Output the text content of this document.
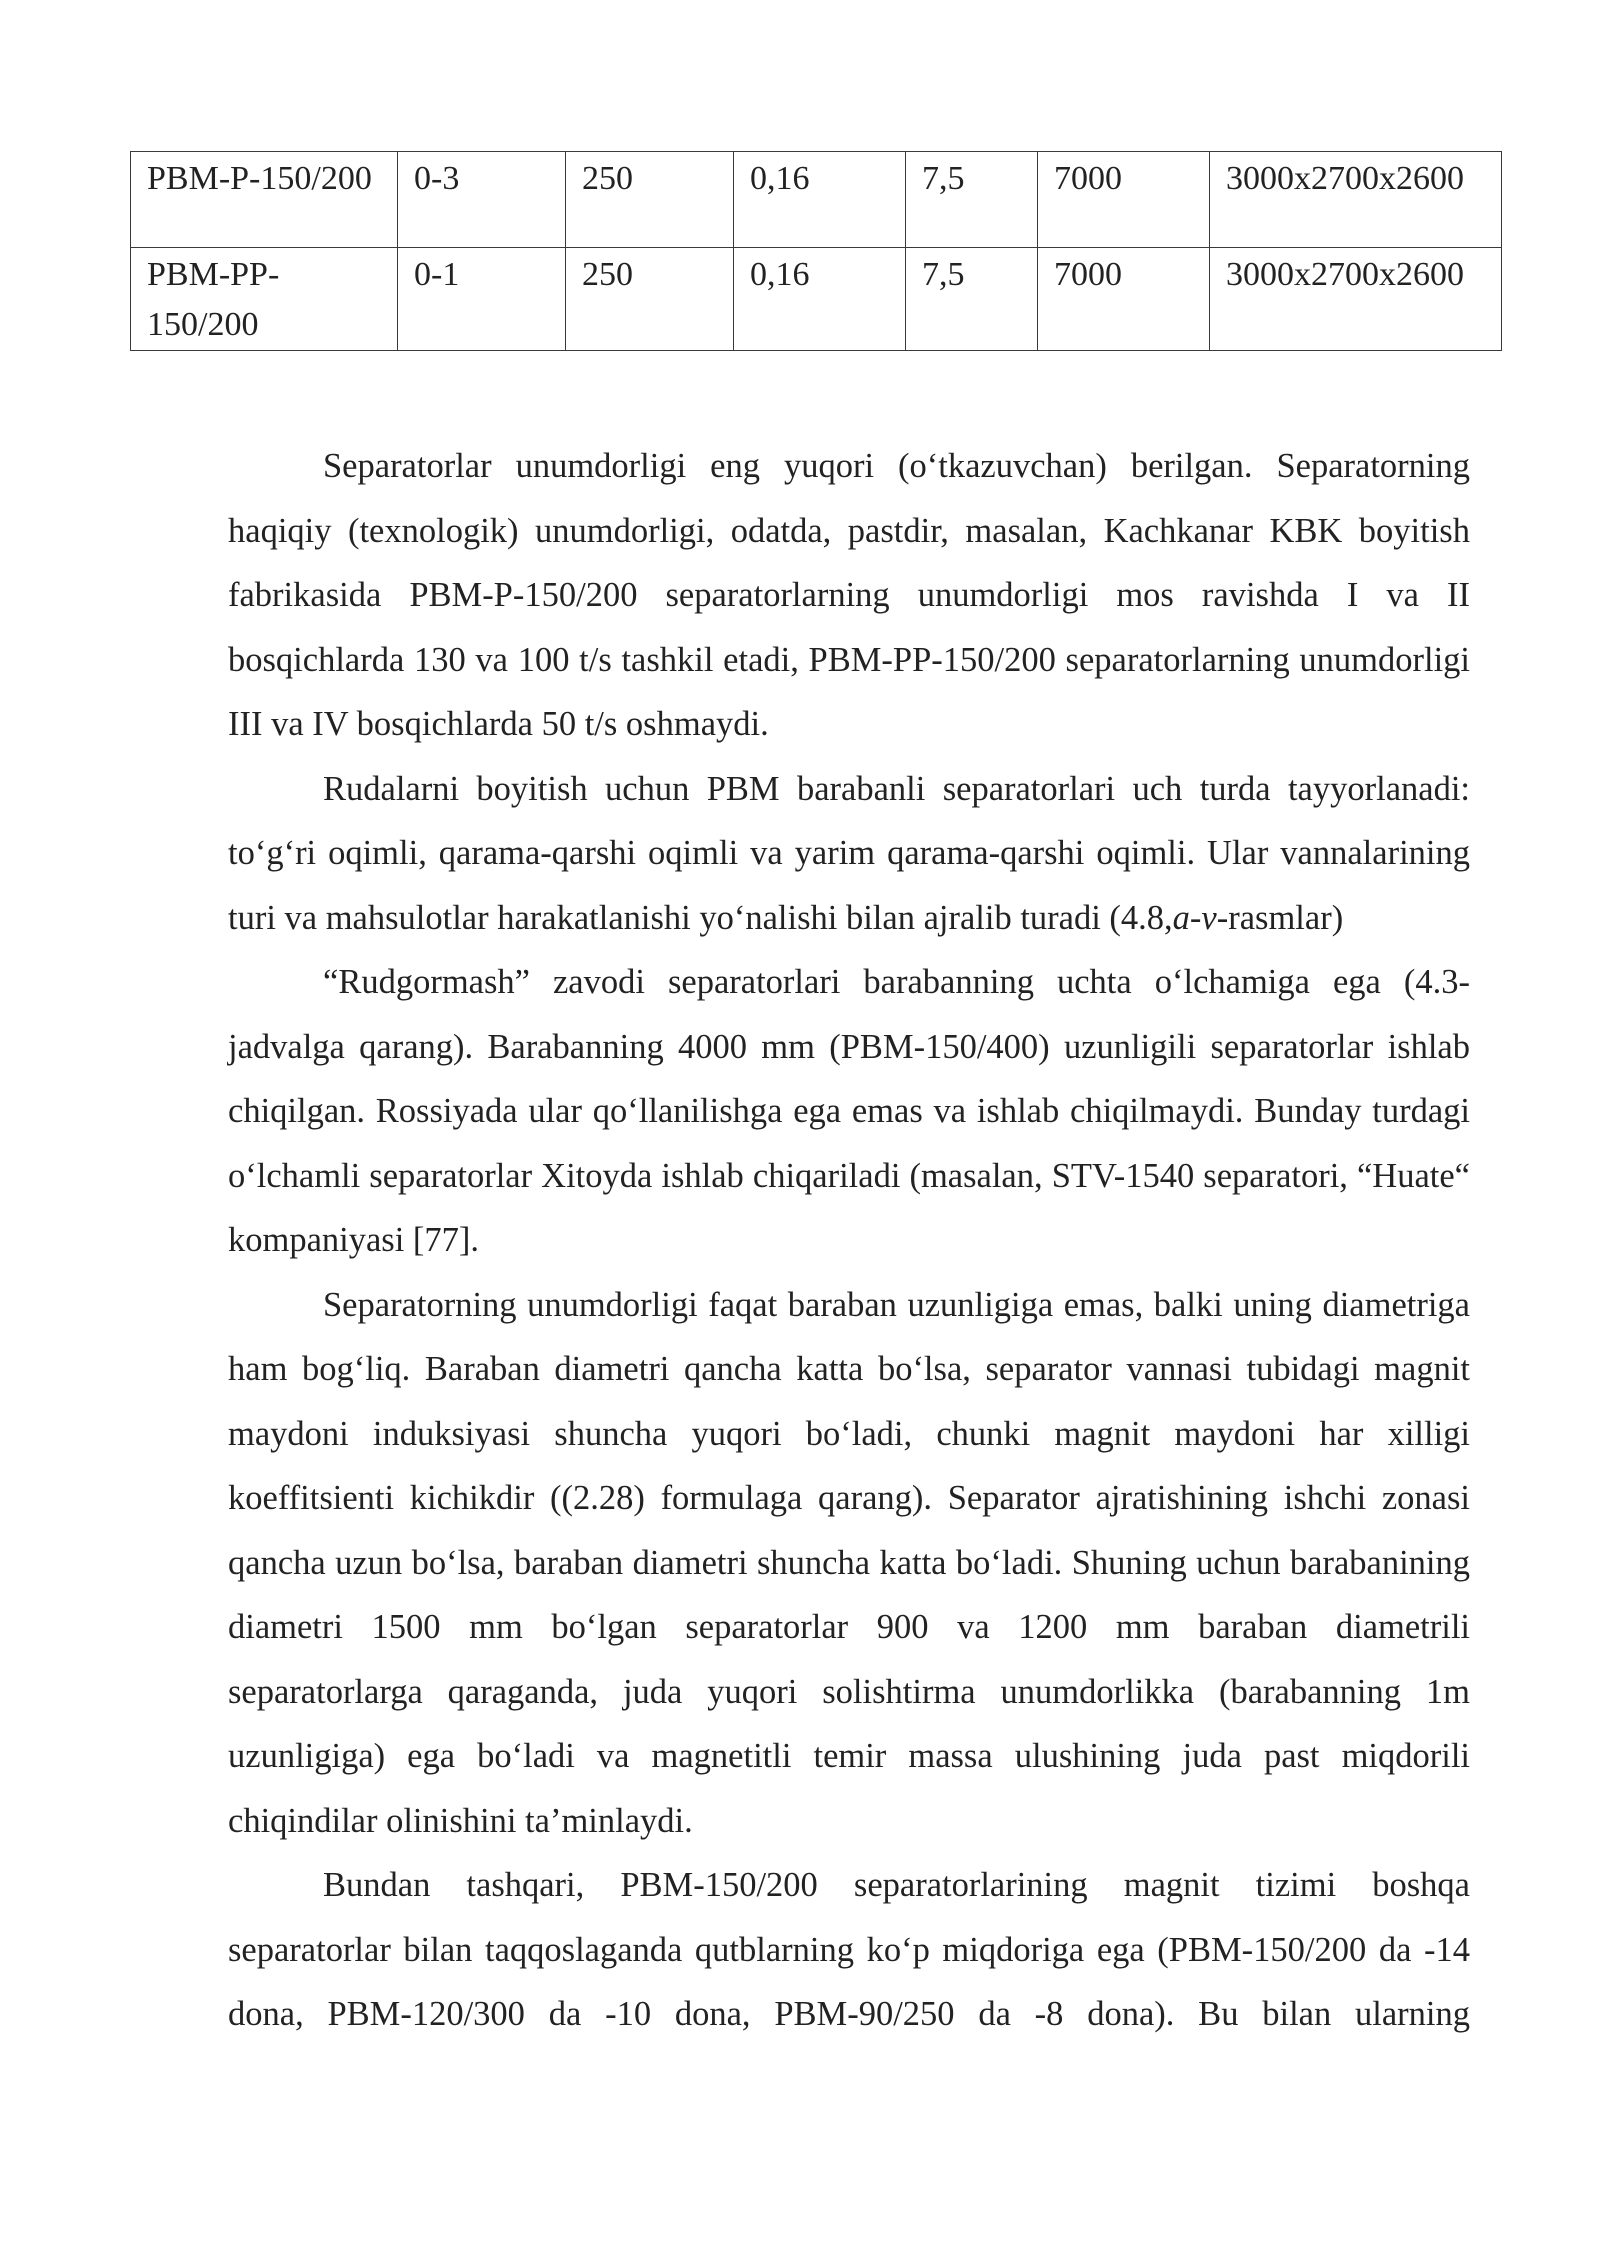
PBM-P-150/200	0-3	250	0,16	7,5	7000	3000x2700x2600
PBM-PP-150/200	0-1	250	0,16	7,5	7000	3000x2700x2600

Separatorlar unumdorligi eng yuqori (o‘tkazuvchan) berilgan. Separatorning haqiqiy (texnologik) unumdorligi, odatda, pastdir, masalan, Kachkanar KBK boyitish fabrikasida PBM-P-150/200 separatorlarning unumdorligi mos ravishda I va II bosqichlarda 130 va 100 t/s tashkil etadi, PBM-PP-150/200 separatorlarning unumdorligi III va IV bosqichlarda 50 t/s oshmaydi.

Rudalarni boyitish uchun PBM barabanli separatorlari uch turda tayyorlanadi: to‘g‘ri oqimli, qarama-qarshi oqimli va yarim qarama-qarshi oqimli. Ular vannalarining turi va mahsulotlar harakatlanishi yo‘nalishi bilan ajralib turadi (4.8,a-v-rasmlar)

“Rudgormash” zavodi separatorlari barabanning uchta o‘lchamiga ega (4.3-jadvalga qarang). Barabanning 4000 mm (PBM-150/400) uzunligili separatorlar ishlab chiqilgan. Rossiyada ular qo‘llanilishga ega emas va ishlab chiqilmaydi. Bunday turdagi o‘lchamli separatorlar Xitoyda ishlab chiqariladi (masalan, STV-1540 separatori, “Huate“ kompaniyasi [77].

Separatorning unumdorligi faqat baraban uzunligiga emas, balki uning diametriga ham bog‘liq. Baraban diametri qancha katta bo‘lsa, separator vannasi tubidagi magnit maydoni induksiyasi shuncha yuqori bo‘ladi, chunki magnit maydoni har xilligi koeffitsienti kichikdir ((2.28) formulaga qarang). Separator ajratishining ishchi zonasi qancha uzun bo‘lsa, baraban diametri shuncha katta bo‘ladi. Shuning uchun barabanining diametri 1500 mm bo‘lgan separatorlar 900 va 1200 mm baraban diametrili separatorlarga qaraganda, juda yuqori solishtirma unumdorlikka (barabanning 1m uzunligiga) ega bo‘ladi va magnetitli temir massa ulushining juda past miqdorili chiqindilar olinishini ta’minlaydi.

Bundan tashqari, PBM-150/200 separatorlarining magnit tizimi boshqa separatorlar bilan taqqoslaganda qutblarning ko‘p miqdoriga ega (PBM-150/200 da -14 dona, PBM-120/300 da -10 dona, PBM-90/250 da -8 dona). Bu bilan ularning
